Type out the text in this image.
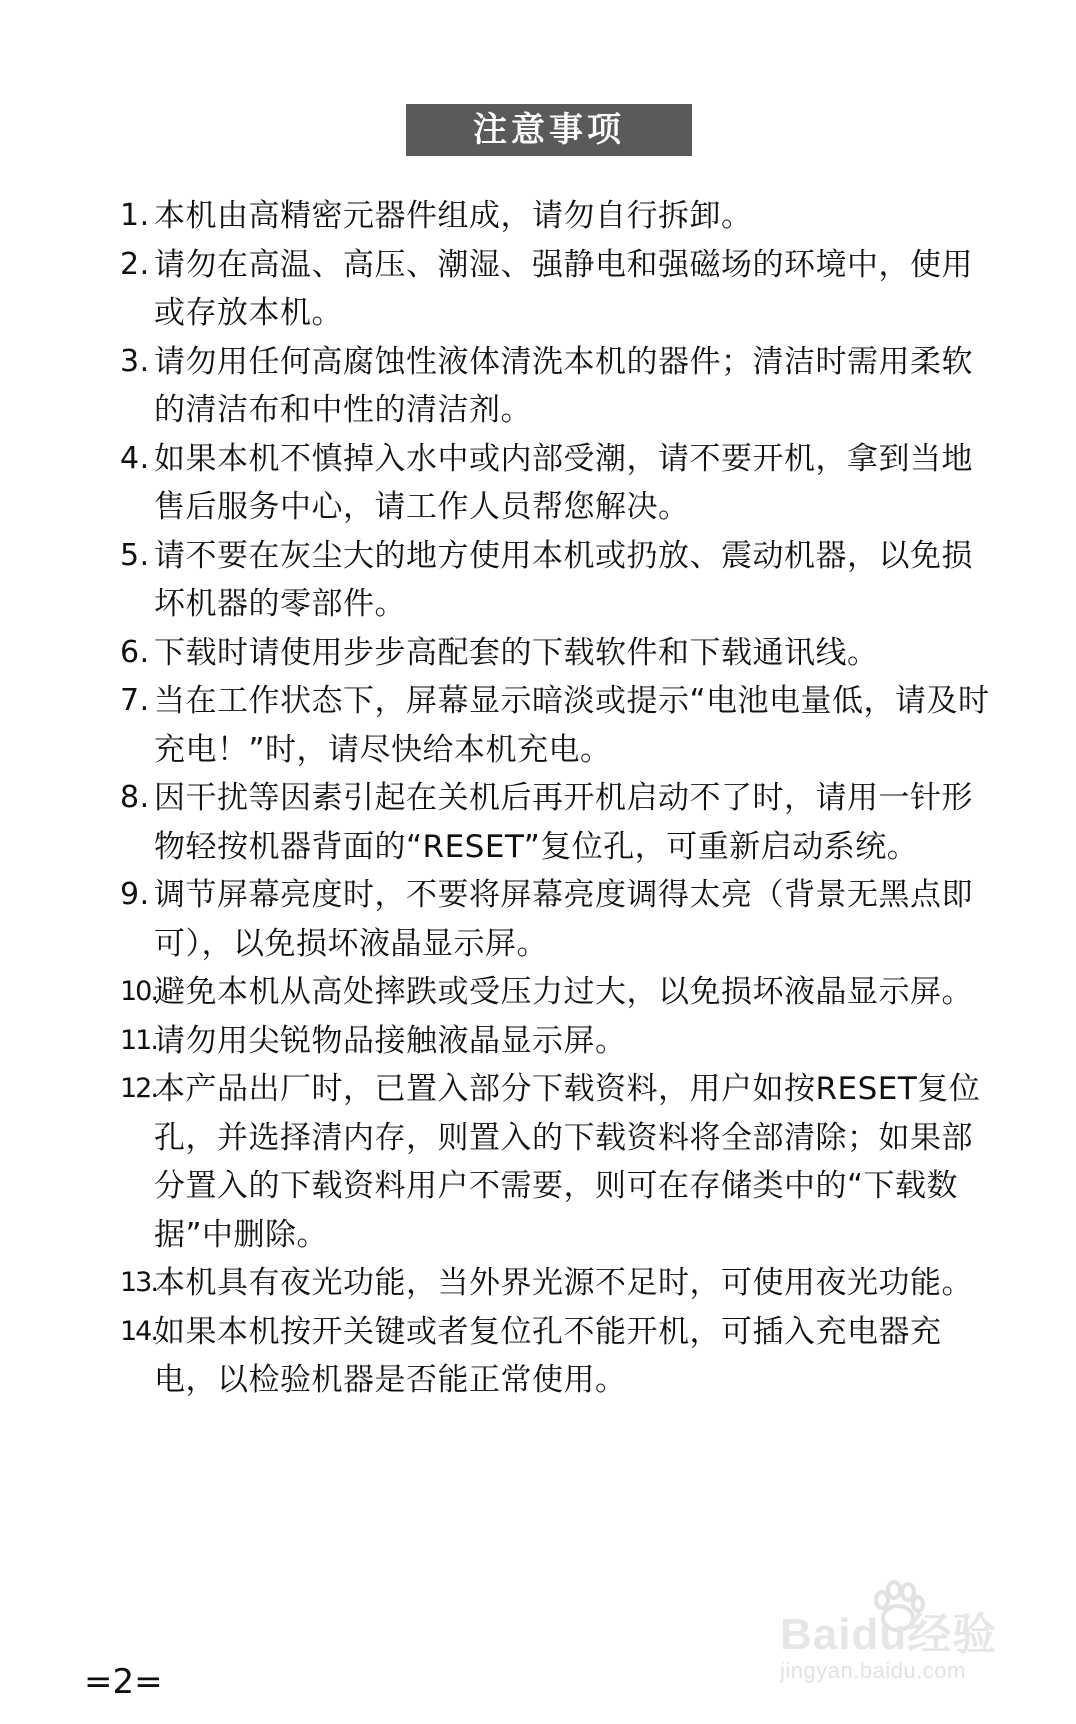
注意事项
1. 本机由高精密元器件组成，请勿自行拆卸。
2. 请勿在高温、高压、潮湿、强静电和强磁场的环境中，使用或存放本机。
3. 请勿用任何高腐蚀性液体清洗本机的器件；清洁时需用柔软的清洁布和中性的清洁剂。
4. 如果本机不慎掉入水中或内部受潮，请不要开机，拿到当地售后服务中心，请工作人员帮您解决。
5. 请不要在灰尘大的地方使用本机或扔放、震动机器，以免损坏机器的零部件。
6. 下载时请使用步步高配套的下载软件和下载通讯线。
7. 当在工作状态下，屏幕显示暗淡或提示“电池电量低，请及时充电！”时，请尽快给本机充电。
8. 因干扰等因素引起在关机后再开机启动不了时，请用一针形物轻按机器背面的“RESET”复位孔，可重新启动系统。
9. 调节屏幕亮度时，不要将屏幕亮度调得太亮（背景无黑点即可），以免损坏液晶显示屏。
10.
避免本机从高处摔跌或受压力过大，以免损坏液晶显示屏。
11.
请勿用尖锐物品接触液晶显示屏。
12.
本产品出厂时，已置入部分下载资料，用户如按RESET复位孔，并选择清内存，则置入的下载资料将全部清除；如果部分置入的下载资料用户不需要，则可在存储类中的“下载数据”中删除。
13.
本机具有夜光功能，当外界光源不足时，可使用夜光功能。
14.
如果本机按开关键或者复位孔不能开机，可插入充电器充电，以检验机器是否能正常使用。
=2=
Baidu经验
jingyan.baidu.com
